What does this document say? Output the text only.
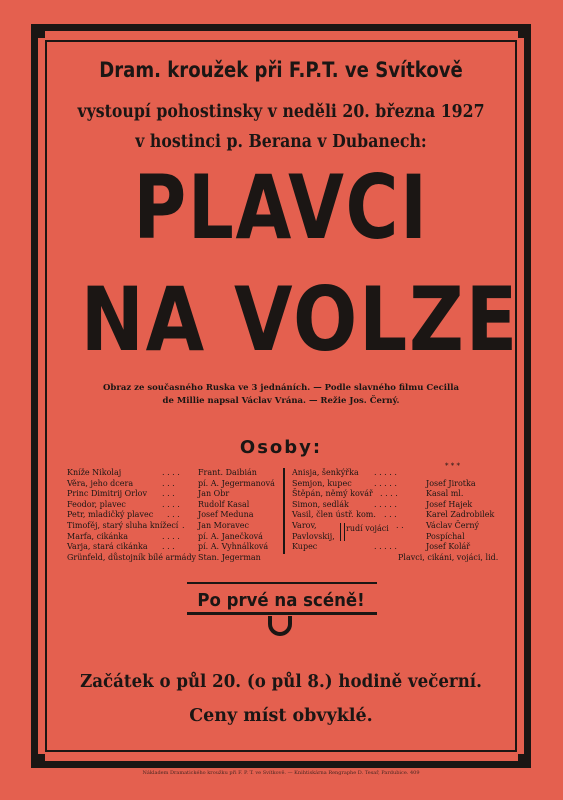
Dram. kroužek při F.P.T. ve Svítkově
vystoupí pohostinsky v neděli 20. března 1927
v hostinci p. Berana v Dubanech:
PLAVCI
NA VOLZE
Obraz ze současného Ruska ve 3 jednáních. — Podle slavného filmu Cecilla
de Millie napsal Václav Vrána. — Režie Jos. Černý.
Osoby:
* * *
Kníže Nikolaj	. . . . Frant. Daibián
Věra, jeho dcera	. . .	pí. A. Jegermanová
Princ Dimitrij Orlov . . .	Jan Obr
Feodor, plavec	. . . . Rudolf Kasal
Petr, mladičký plavec . . . Josef Meduna
Timofěj, starý sluha knížecí . Jan Moravec
Marfa, cikánka	. . . . pí. A. Janečková
Varja, stará cikánka . . .	pí. A. Vyhnálková
Grünfeld, důstojník bílé armády Stan. Jegerman
Anisja, šenkýřka . . . . .
Semjon, kupec	. . . . .	Josef Jirotka
Štěpán, němý kovář . . . .	Kasal ml.
Simon, sedlák	. . . . .	Josef Hajek
Vasil, člen ústř. kom. . . .	Karel Zadrobilek
Varov,	. .	Václav Černý
Pavlovskij,	Pospíchal
Kupec	. . . . .	Josef Kolář
Plavci, cikáni, vojáci, lid.
rudí vojáci
Po prvé na scéně!
Začátek o půl 20. (o půl 8.) hodině večerní.
Ceny míst obvyklé.
Nákladem Dramatického kroužku při F. P. T. ve Svítkově. — Knihtiskárna Rengraphe D. Tesař, Pardubice. 409
